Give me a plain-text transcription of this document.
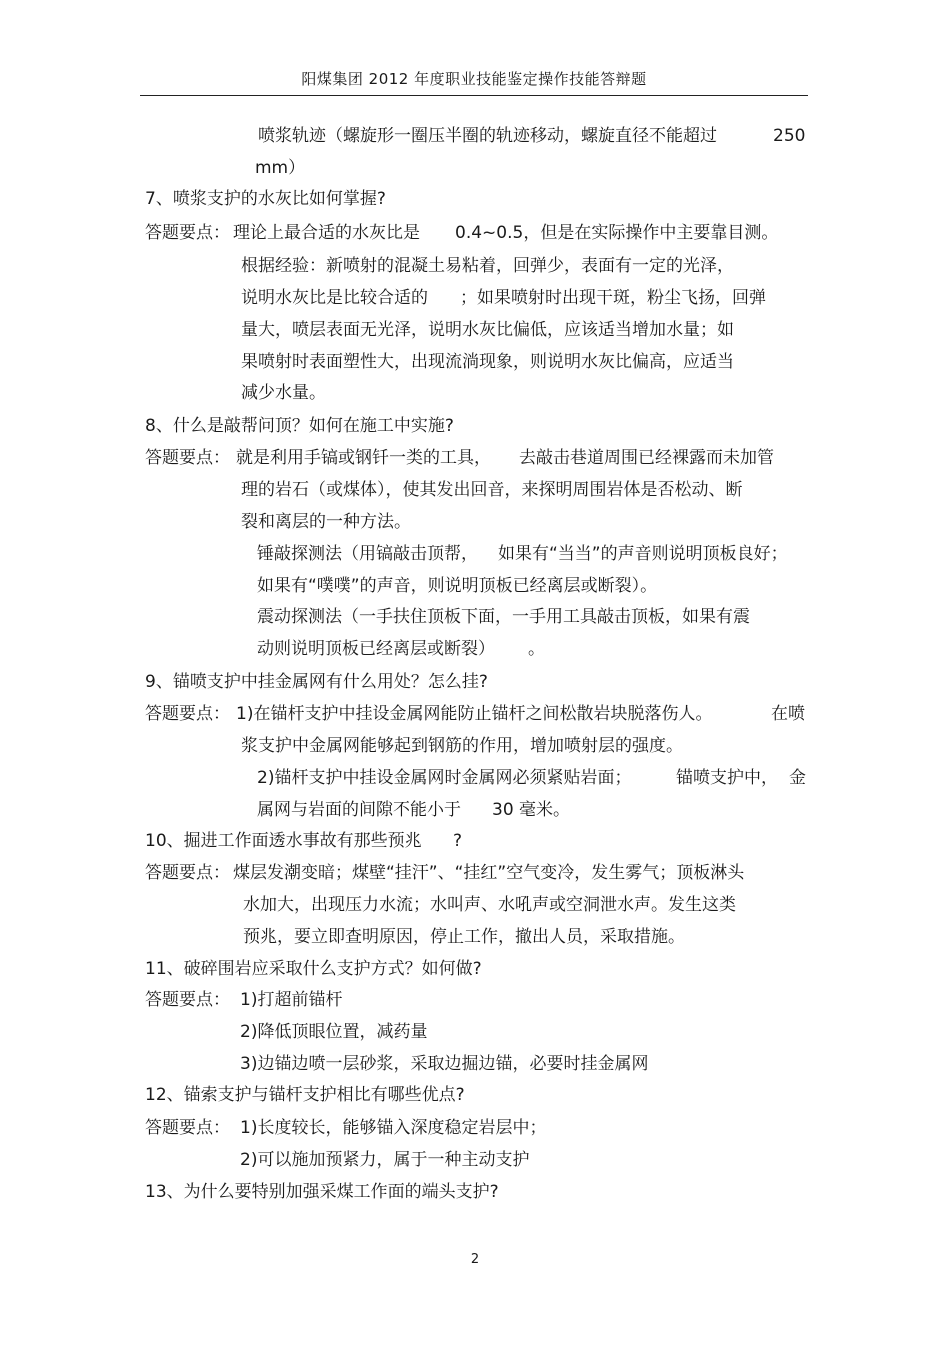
阳煤集团 2012 年度职业技能鉴定操作技能答辩题
喷浆轨迹（螺旋形一圈压半圈的轨迹移动，螺旋直径不能超过	250
mm）
7、喷浆支护的水灰比如何掌握?
答题要点： 理论上最合适的水灰比是 0.4~0.5，但是在实际操作中主要靠目测。
根据经验：新喷射的混凝土易粘着，回弹少，表面有一定的光泽，
说明水灰比是比较合适的 ；如果喷射时出现干斑，粉尘飞扬，回弹
量大，喷层表面无光泽，说明水灰比偏低，应该适当增加水量；如
果喷射时表面塑性大，出现流淌现象，则说明水灰比偏高，应适当
减少水量。
8、什么是敲帮问顶？如何在施工中实施?
答题要点： 就是利用手镐或钢钎一类的工具， 去敲击巷道周围已经裸露而未加管
理的岩石（或煤体），使其发出回音，来探明周围岩体是否松动、断
裂和离层的一种方法。
锤敲探测法（用镐敲击顶帮， 如果有“当当”的声音则说明顶板良好；
如果有“噗噗”的声音，则说明顶板已经离层或断裂）。
震动探测法（一手扶住顶板下面，一手用工具敲击顶板，如果有震
动则说明顶板已经离层或断裂） 。
9、锚喷支护中挂金属网有什么用处？怎么挂?
答题要点： 1)在锚杆支护中挂设金属网能防止锚杆之间松散岩块脱落伤人。	在喷
浆支护中金属网能够起到钢筋的作用，增加喷射层的强度。
2)锚杆支护中挂设金属网时金属网必须紧贴岩面；	锚喷支护中， 金
属网与岩面的间隙不能小于 30 毫米。
10、掘进工作面透水事故有那些预兆 ?
答题要点： 煤层发潮变暗；煤壁“挂汗”、“挂红”空气变冷，发生雾气；顶板淋头
水加大，出现压力水流；水叫声、水吼声或空洞泄水声。发生这类
预兆，要立即查明原因，停止工作，撤出人员，采取措施。
11、破碎围岩应采取什么支护方式？如何做?
答题要点： 1)打超前锚杆
2)降低顶眼位置，减药量
3)边锚边喷一层砂浆，采取边掘边锚，必要时挂金属网
12、锚索支护与锚杆支护相比有哪些优点?
答题要点： 1)长度较长，能够锚入深度稳定岩层中；
2)可以施加预紧力，属于一种主动支护
13、为什么要特别加强采煤工作面的端头支护?
2
